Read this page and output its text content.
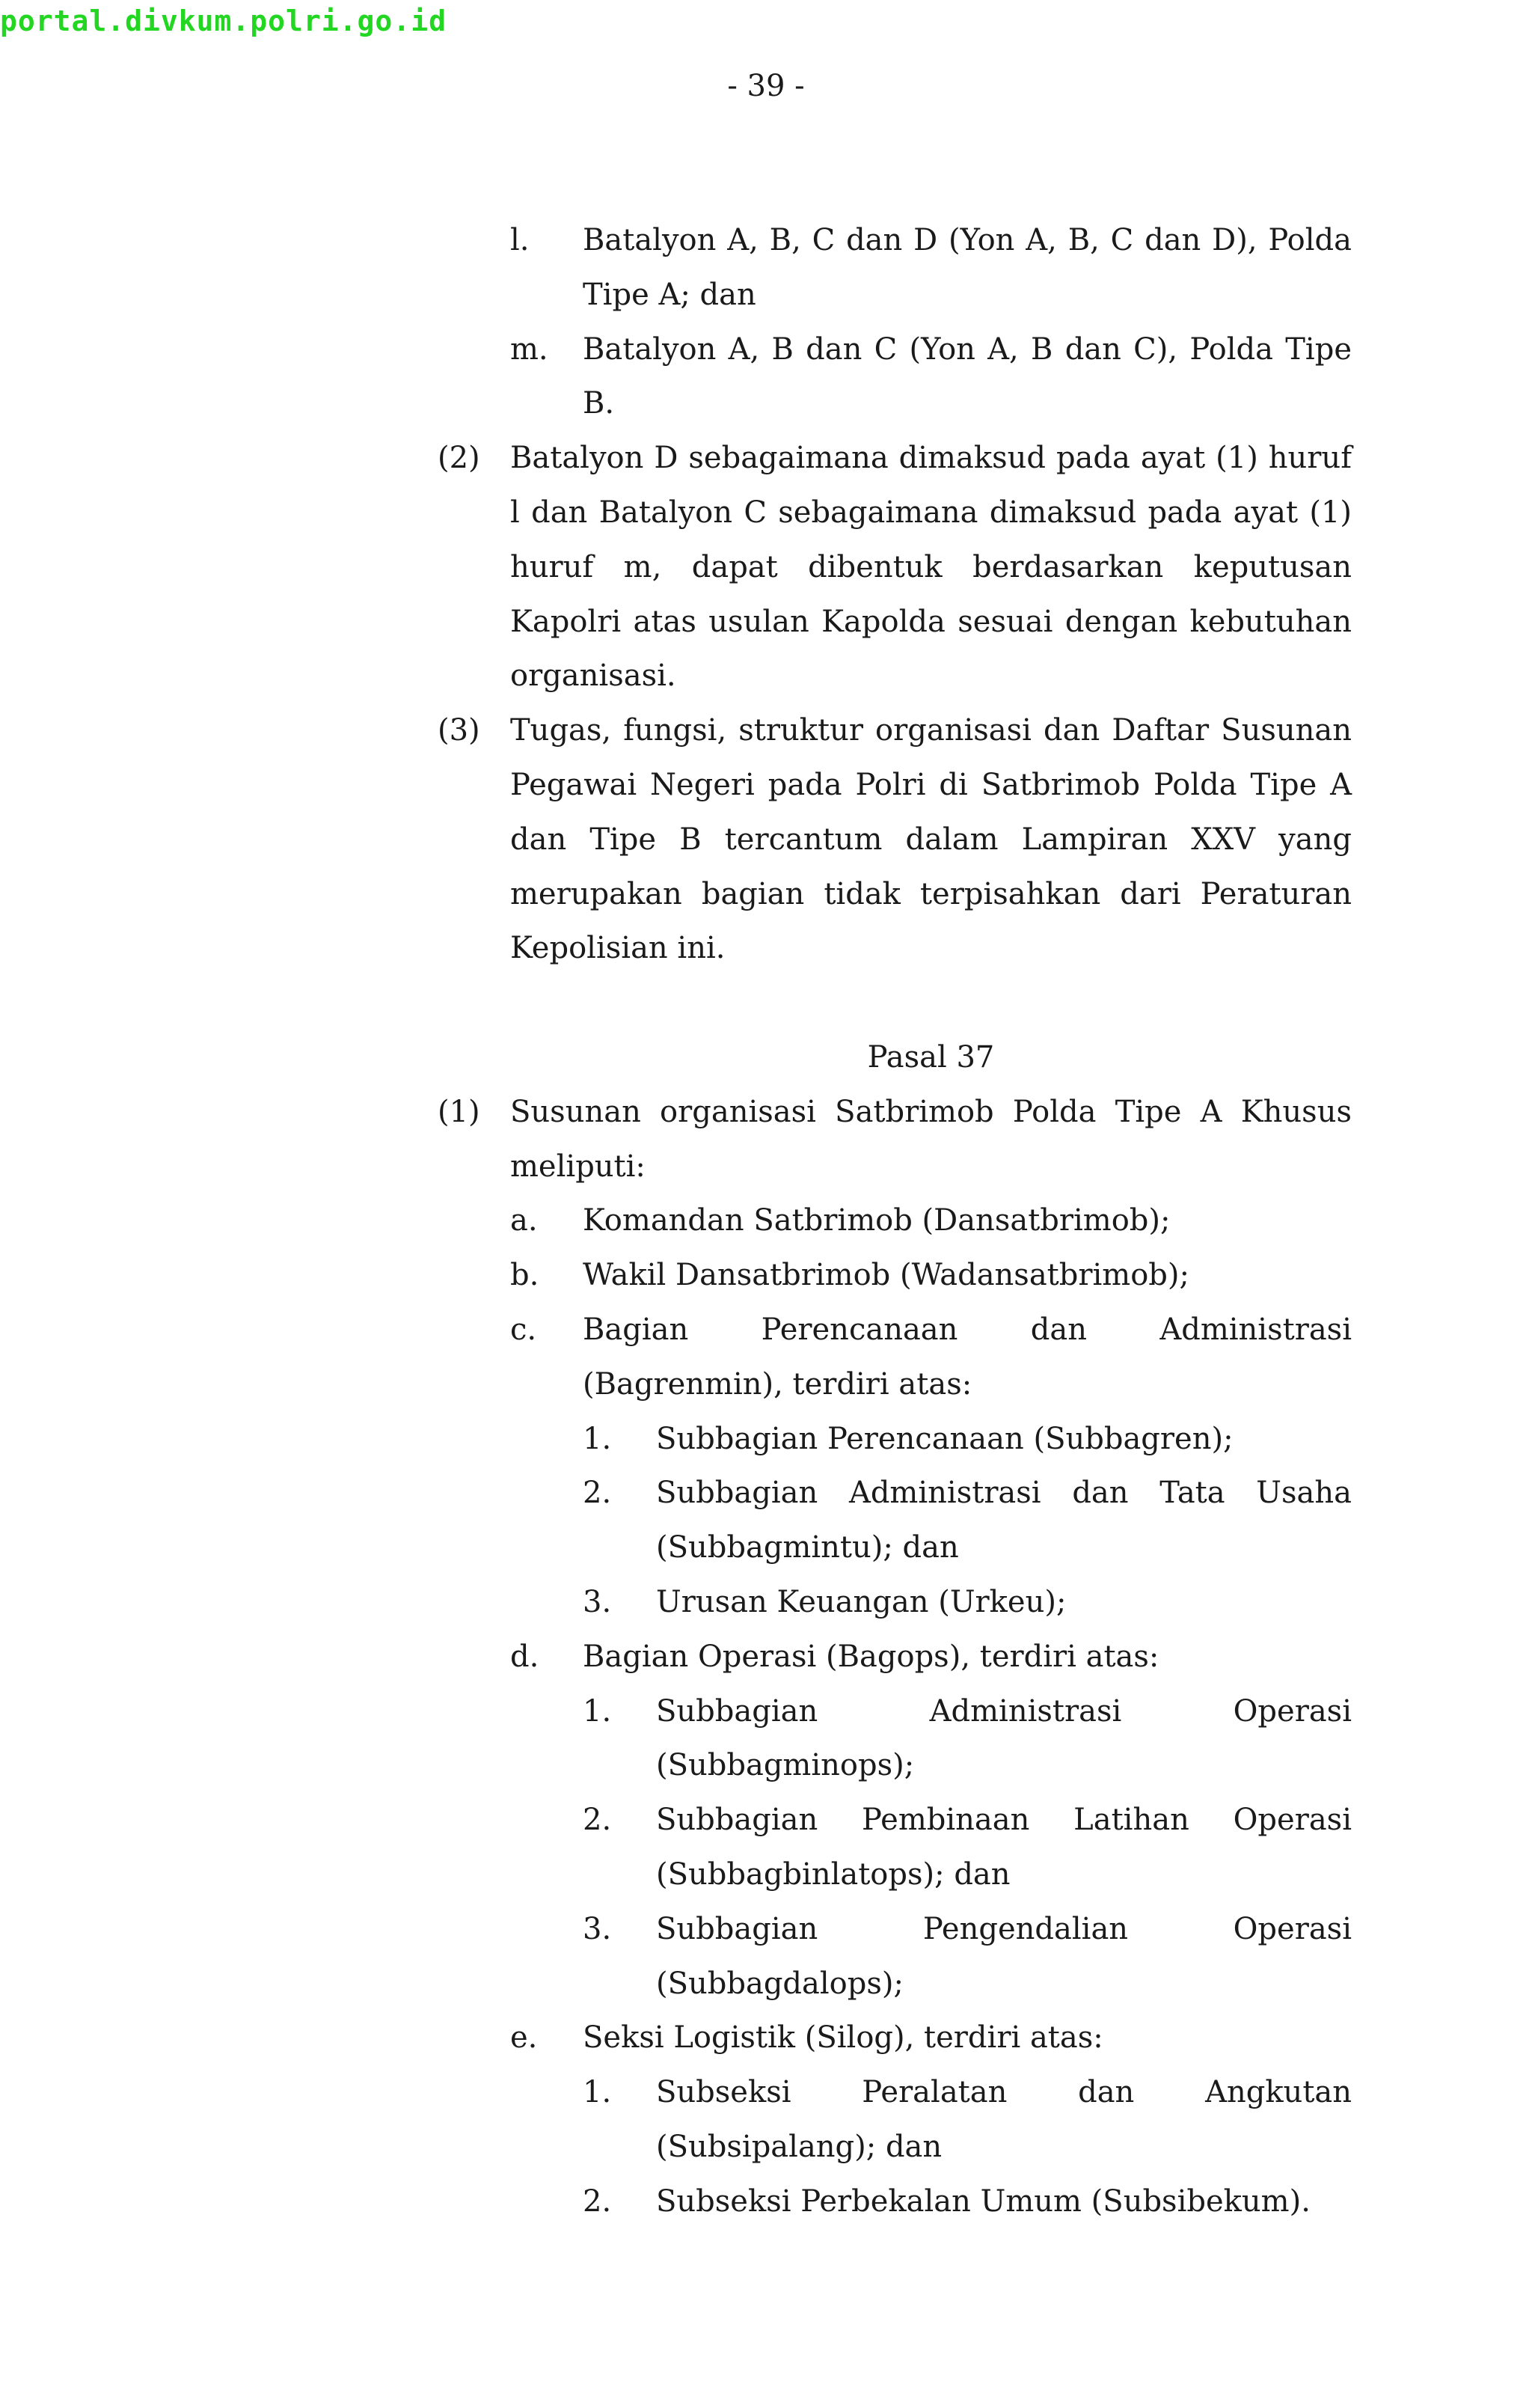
portal.divkum.polri.go.id
- 39 -
l.	Batalyon A, B, C dan D (Yon A, B, C dan D), Polda Tipe A; dan
m.	Batalyon A, B dan C (Yon A, B dan C), Polda Tipe B.
(2)	Batalyon D sebagaimana dimaksud pada ayat (1) huruf l dan Batalyon C sebagaimana dimaksud pada ayat (1) huruf m, dapat dibentuk berdasarkan keputusan Kapolri atas usulan Kapolda sesuai dengan kebutuhan organisasi.
(3)	Tugas, fungsi, struktur organisasi dan Daftar Susunan Pegawai Negeri pada Polri di Satbrimob Polda Tipe A dan Tipe B tercantum dalam Lampiran XXV yang merupakan bagian tidak terpisahkan dari Peraturan Kepolisian ini.
Pasal 37
(1)	Susunan organisasi Satbrimob Polda Tipe A Khusus meliputi:
a.	Komandan Satbrimob (Dansatbrimob);
b.	Wakil Dansatbrimob (Wadansatbrimob);
c.	Bagian Perencanaan dan Administrasi (Bagrenmin), terdiri atas:
1.	Subbagian Perencanaan (Subbagren);
2.	Subbagian Administrasi dan Tata Usaha (Subbagmintu); dan
3.	Urusan Keuangan (Urkeu);
d.	Bagian Operasi (Bagops), terdiri atas:
1.	Subbagian Administrasi Operasi (Subbagminops);
2.	Subbagian Pembinaan Latihan Operasi (Subbagbinlatops); dan
3.	Subbagian Pengendalian Operasi (Subbagdalops);
e.	Seksi Logistik (Silog), terdiri atas:
1.	Subseksi Peralatan dan Angkutan (Subsipalang); dan
2.	Subseksi Perbekalan Umum (Subsibekum).
